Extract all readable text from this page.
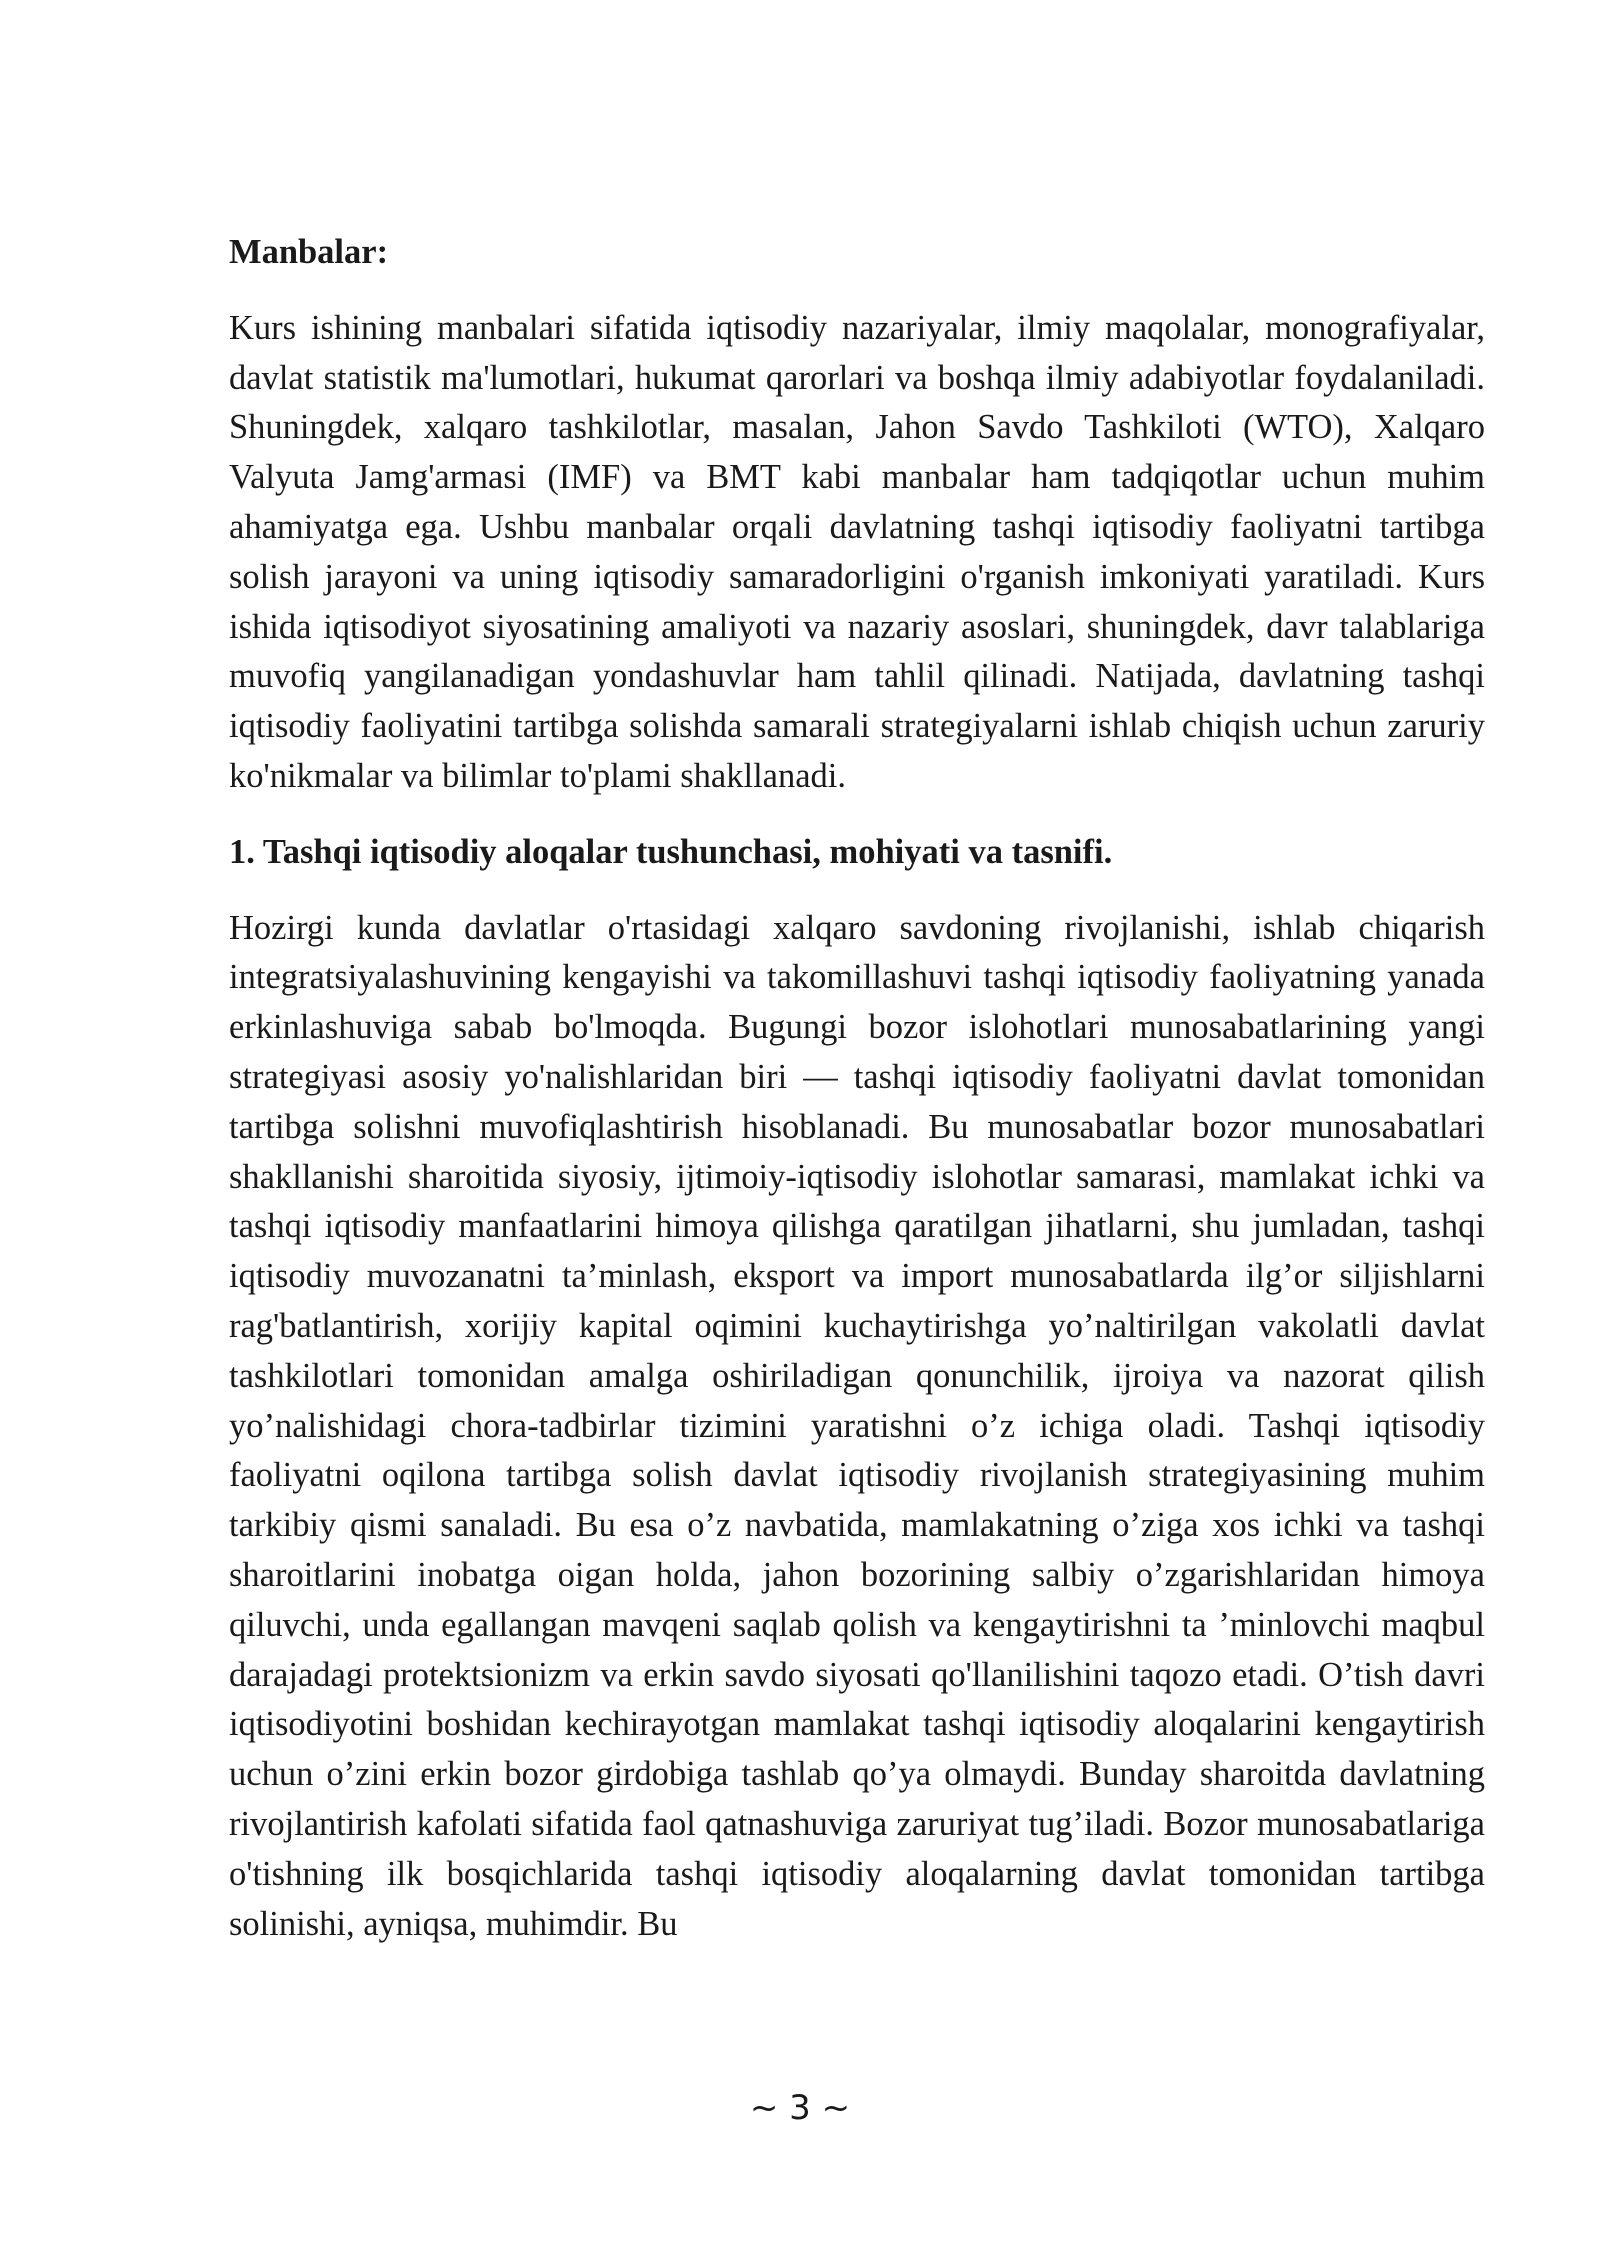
Manbalar:

Kurs ishining manbalari sifatida iqtisodiy nazariyalar, ilmiy maqolalar, monografiyalar, davlat statistik ma'lumotlari, hukumat qarorlari va boshqa ilmiy adabiyotlar foydalaniladi. Shuningdek, xalqaro tashkilotlar, masalan, Jahon Savdo Tashkiloti (WTO), Xalqaro Valyuta Jamg'armasi (IMF) va BMT kabi manbalar ham tadqiqotlar uchun muhim ahamiyatga ega. Ushbu manbalar orqali davlatning tashqi iqtisodiy faoliyatni tartibga solish jarayoni va uning iqtisodiy samaradorligini o'rganish imkoniyati yaratiladi. Kurs ishida iqtisodiyot siyosatining amaliyoti va nazariy asoslari, shuningdek, davr talablariga muvofiq yangilanadigan yondashuvlar ham tahlil qilinadi. Natijada, davlatning tashqi iqtisodiy faoliyatini tartibga solishda samarali strategiyalarni ishlab chiqish uchun zaruriy ko'nikmalar va bilimlar to'plami shakllanadi.

1. Tashqi iqtisodiy aloqalar tushunchasi, mohiyati va tasnifi.

Hozirgi kunda davlatlar o'rtasidagi xalqaro savdoning rivojlanishi, ishlab chiqarish integratsiyalashuvining kengayishi va takomillashuvi tashqi iqtisodiy faoliyatning yanada erkinlashuviga sabab bo'lmoqda. Bugungi bozor islohotlari munosabatlarining yangi strategiyasi asosiy yo'nalishlaridan biri — tashqi iqtisodiy faoliyatni davlat tomonidan tartibga solishni muvofiqlashtirish hisoblanadi. Bu munosabatlar bozor munosabatlari shakllanishi sharoitida siyosiy, ijtimoiy-iqtisodiy islohotlar samarasi, mamlakat ichki va tashqi iqtisodiy manfaatlarini himoya qilishga qaratilgan jihatlarni, shu jumladan, tashqi iqtisodiy muvozanatni ta’minlash, eksport va import munosabatlarda ilg’or siljishlarni rag'batlantirish, xorijiy kapital oqimini kuchaytirishga yo’naltirilgan vakolatli davlat tashkilotlari tomonidan amalga oshiriladigan qonunchilik, ijroiya va nazorat qilish yo’nalishidagi chora-tadbirlar tizimini yaratishni o’z ichiga oladi. Tashqi iqtisodiy faoliyatni oqilona tartibga solish davlat iqtisodiy rivojlanish strategiyasining muhim tarkibiy qismi sanaladi. Bu esa o’z navbatida, mamlakatning o’ziga xos ichki va tashqi sharoitlarini inobatga oigan holda, jahon bozorining salbiy o’zgarishlaridan himoya qiluvchi, unda egallangan mavqeni saqlab qolish va kengaytirishni ta ’minlovchi maqbul darajadagi protektsionizm va erkin savdo siyosati qo'llanilishini taqozo etadi. O’tish davri iqtisodiyotini boshidan kechirayotgan mamlakat tashqi iqtisodiy aloqalarini kengaytirish uchun o’zini erkin bozor girdobiga tashlab qo’ya olmaydi. Bunday sharoitda davlatning rivojlantirish kafolati sifatida faol qatnashuviga zaruriyat tug’iladi. Bozor munosabatlariga o'tishning ilk bosqichlarida tashqi iqtisodiy aloqalarning davlat tomonidan tartibga solinishi, ayniqsa, muhimdir. Bu

~ 3 ~
